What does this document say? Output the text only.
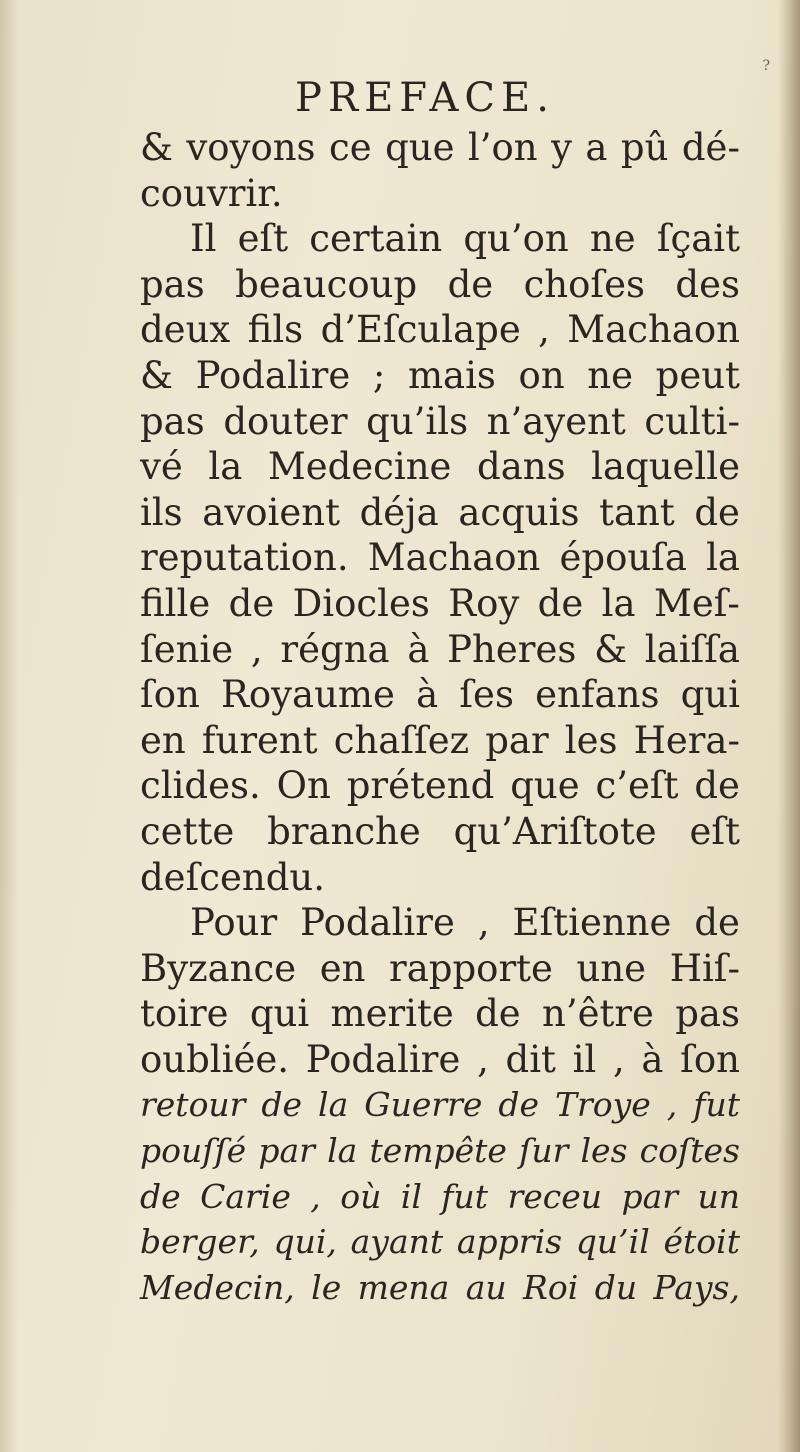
PREFACE.
?
& voyons ce que l’on y a pû dé-
couvrir.
Il eſt certain qu’on ne ſçait
pas beaucoup de choſes des
deux fils d’Eſculape , Machaon
& Podalire ; mais on ne peut
pas douter qu’ils n’ayent culti-
vé la Medecine dans laquelle
ils avoient déja acquis tant de
reputation. Machaon épouſa la
fille de Diocles Roy de la Meſ-
ſenie , régna à Pheres & laiſſa
ſon Royaume à ſes enfans qui
en furent chaſſez par les Hera-
clides. On prétend que c’eſt de
cette branche qu’Ariſtote eſt
deſcendu.
Pour Podalire , Eſtienne de
Byzance en rapporte une Hiſ-
toire qui merite de n’être pas
oubliée. Podalire , dit il , à ſon
retour de la Guerre de Troye , fut
pouſſé par la tempête ſur les coſtes
de Carie , où il fut receu par un
berger, qui, ayant appris qu’il étoit
Medecin, le mena au Roi du Pays,
